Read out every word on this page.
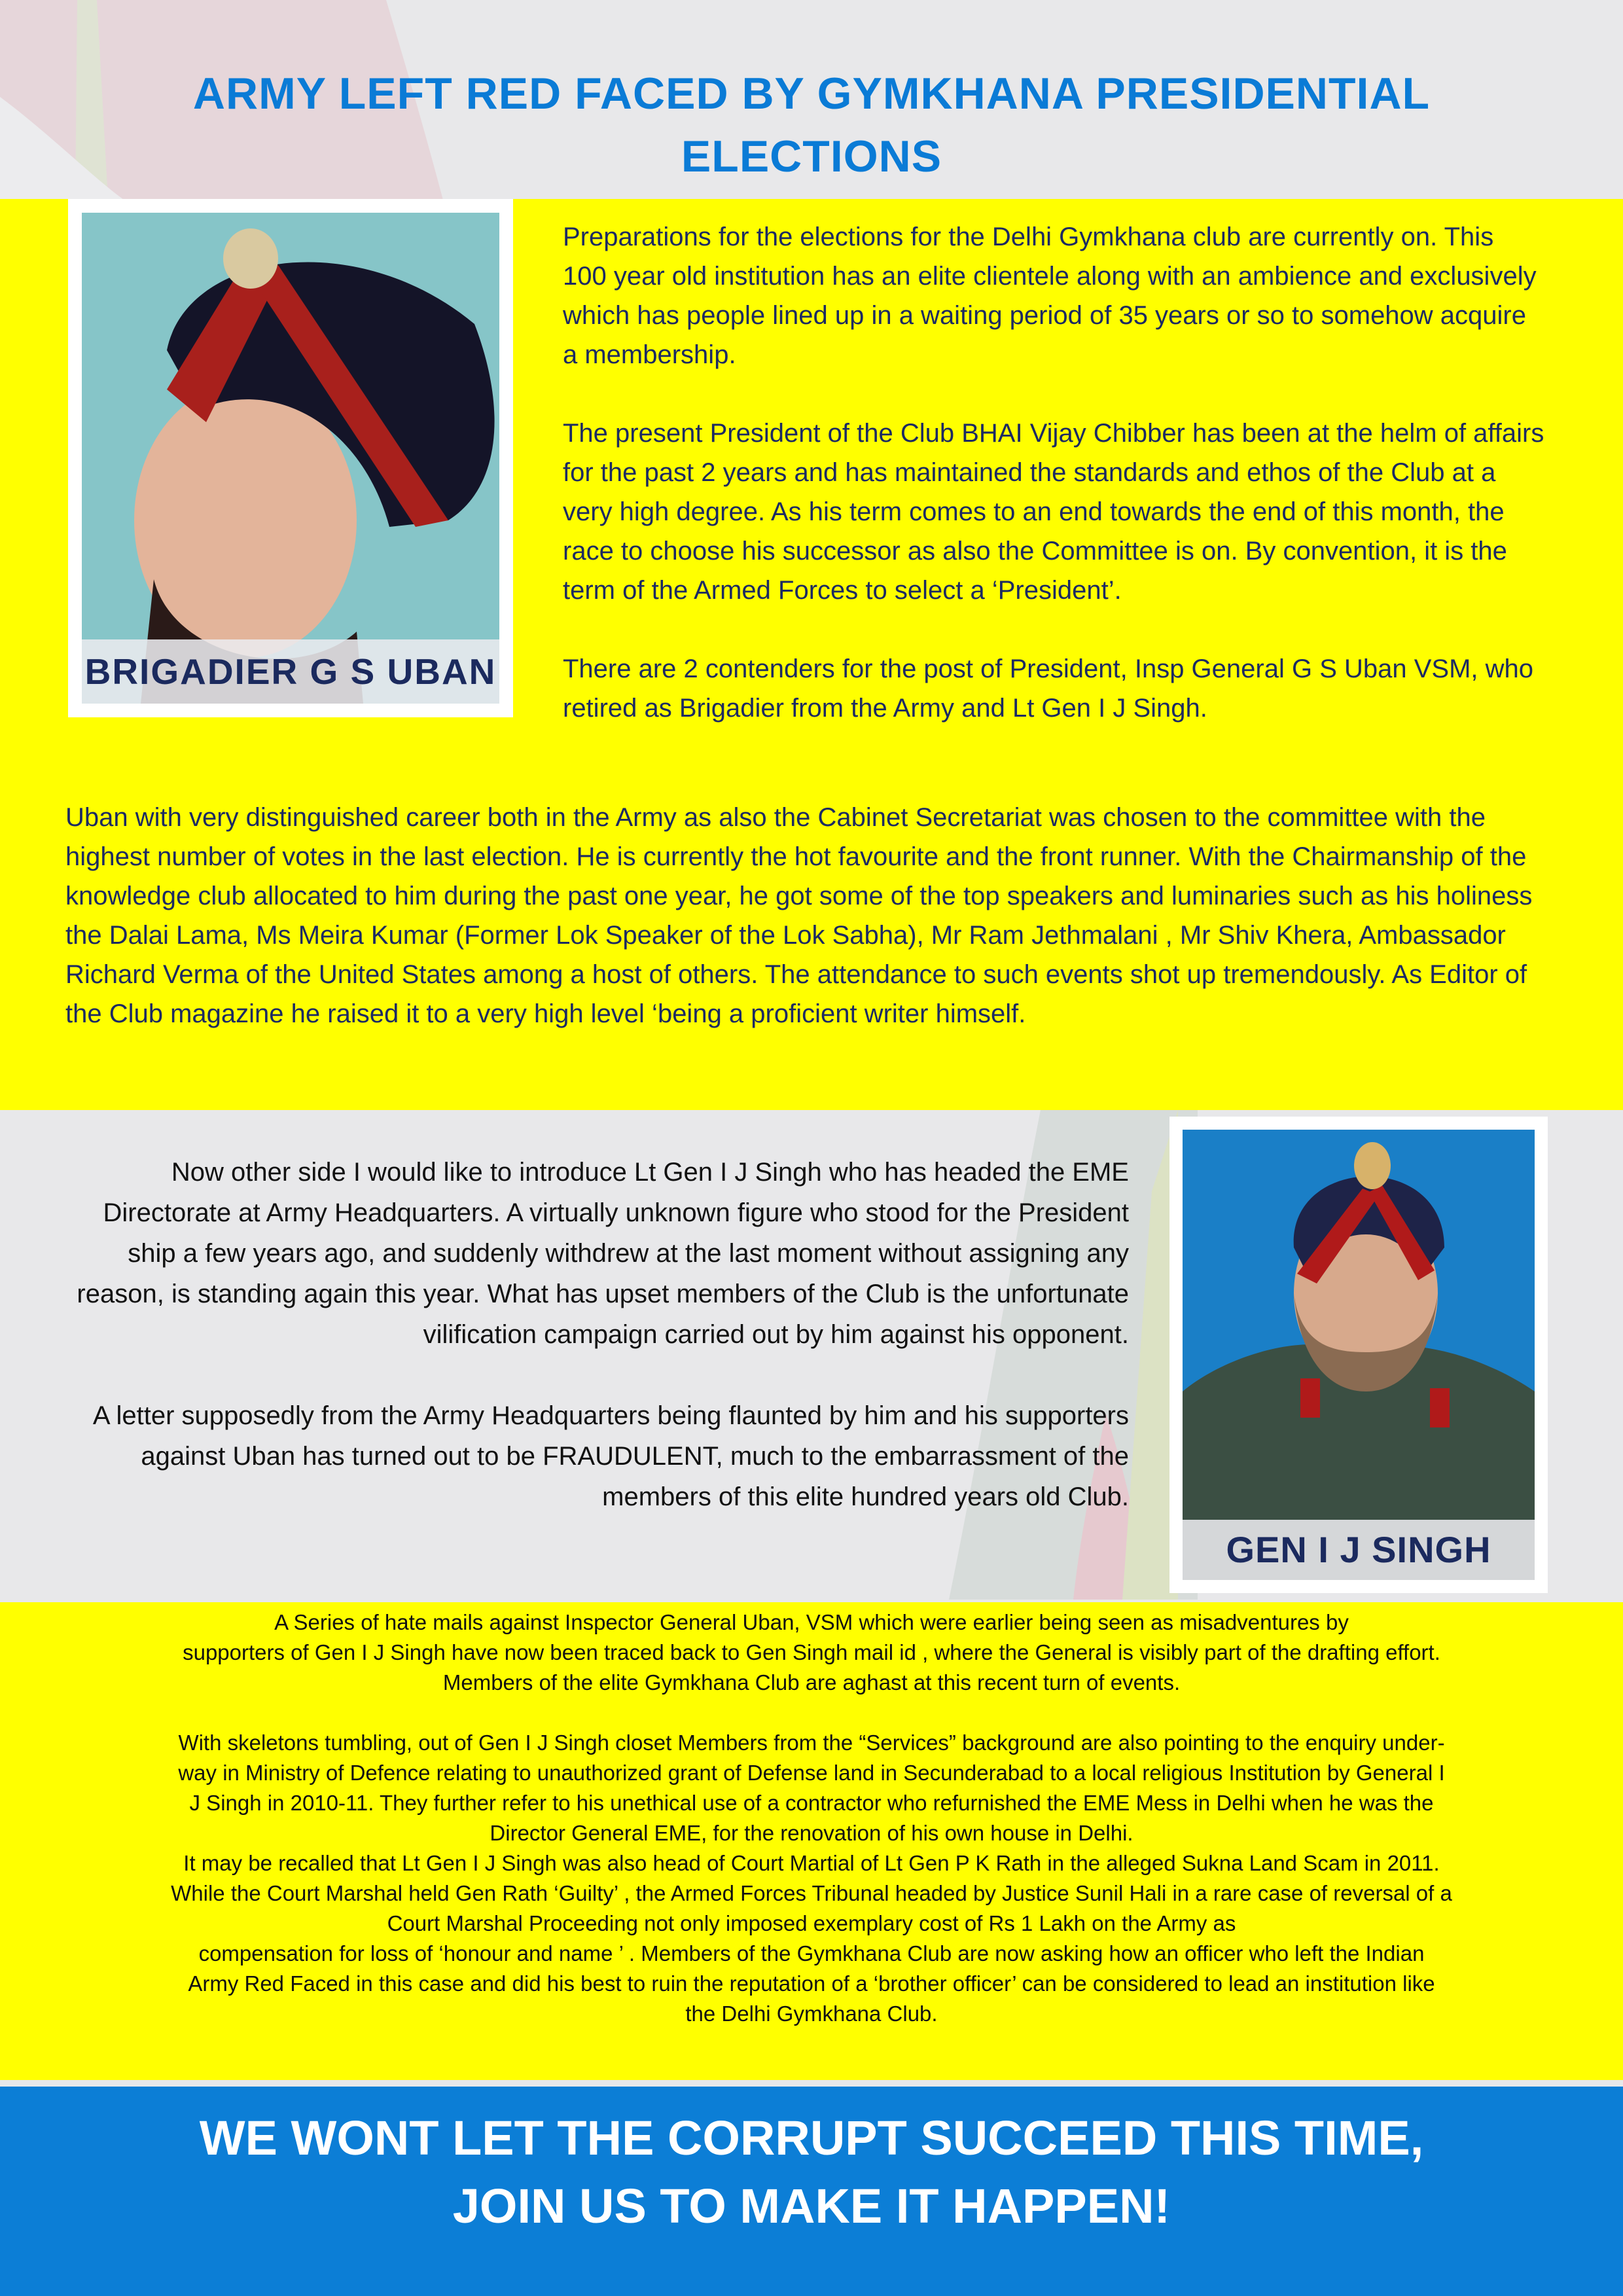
ARMY LEFT RED FACED BY GYMKHANA PRESIDENTIAL
ELECTIONS
BRIGADIER G S UBAN

Preparations for the elections for the Delhi Gymkhana club are currently on. This 100 year old institution has an elite clientele along with an ambience and exclusively which has people lined up in a waiting period of 35 years or so to somehow acquire a membership.

The present President of the Club BHAI Vijay Chibber has been at the helm of affairs for the past 2 years and has maintained the standards and ethos of the Club at a very high degree. As his term comes to an end towards the end of this month, the race to choose his successor as also the Committee is on. By convention, it is the term of the Armed Forces to select a ‘President’.

There are 2 contenders for the post of President, Insp General G S Uban VSM, who retired as Brigadier from the Army and Lt Gen I J Singh.

Uban with very distinguished career both in the Army as also the Cabinet Secretariat was chosen to the committee with the highest number of votes in the last election. He is currently the hot favourite and the front runner. With the Chairmanship of the knowledge club allocated to him during the past one year, he got some of the top speakers and luminaries such as his holiness the Dalai Lama, Ms Meira Kumar (Former Lok Speaker of the Lok Sabha), Mr Ram Jethmalani , Mr Shiv Khera, Ambassador Richard Verma of the United States among a host of others. The attendance to such events shot up tremendously. As Editor of the Club magazine he raised it to a very high level ‘being a proficient writer himself.

Now other side I would like to introduce Lt Gen I J Singh who has headed the EME Directorate at Army Headquarters. A virtually unknown figure who stood for the President ship a few years ago, and suddenly withdrew at the last moment without assigning any reason, is standing again this year. What has upset members of the Club is the unfortunate vilification campaign carried out by him against his opponent.

A letter supposedly from the Army Headquarters being flaunted by him and his supporters against Uban has turned out to be FRAUDULENT, much to the embarrassment of the members of this elite hundred years old Club.

GEN I J SINGH

A Series of hate mails against Inspector General Uban, VSM which were earlier being seen as misadventures by

supporters of Gen I J Singh have now been traced back to Gen Singh mail id , where the General is visibly part of the drafting effort.

Members of the elite Gymkhana Club are aghast at this recent turn of events.

With skeletons tumbling, out of Gen I J Singh closet Members from the “Services” background are also pointing to the enquiry under-

way in Ministry of Defence relating to unauthorized grant of Defense land in Secunderabad to a local religious Institution by General I

J Singh in 2010-11. They further refer to his unethical use of a contractor who refurnished the EME Mess in Delhi when he was the

Director General EME, for the renovation of his own house in Delhi.

It may be recalled that Lt Gen I J Singh was also head of Court Martial of Lt Gen P K Rath in the alleged Sukna Land Scam in 2011.

While the Court Marshal held Gen Rath ‘Guilty’ , the Armed Forces Tribunal headed by Justice Sunil Hali in a rare case of reversal of a

Court Marshal Proceeding not only imposed exemplary cost of Rs 1 Lakh on the Army as

compensation for loss of ‘honour and name ’ . Members of the Gymkhana Club are now asking how an officer who left the Indian

Army Red Faced in this case and did his best to ruin the reputation of a ‘brother officer’ can be considered to lead an institution like

the Delhi Gymkhana Club.

WE WONT LET THE CORRUPT SUCCEED THIS TIME,
JOIN US TO MAKE IT HAPPEN!
